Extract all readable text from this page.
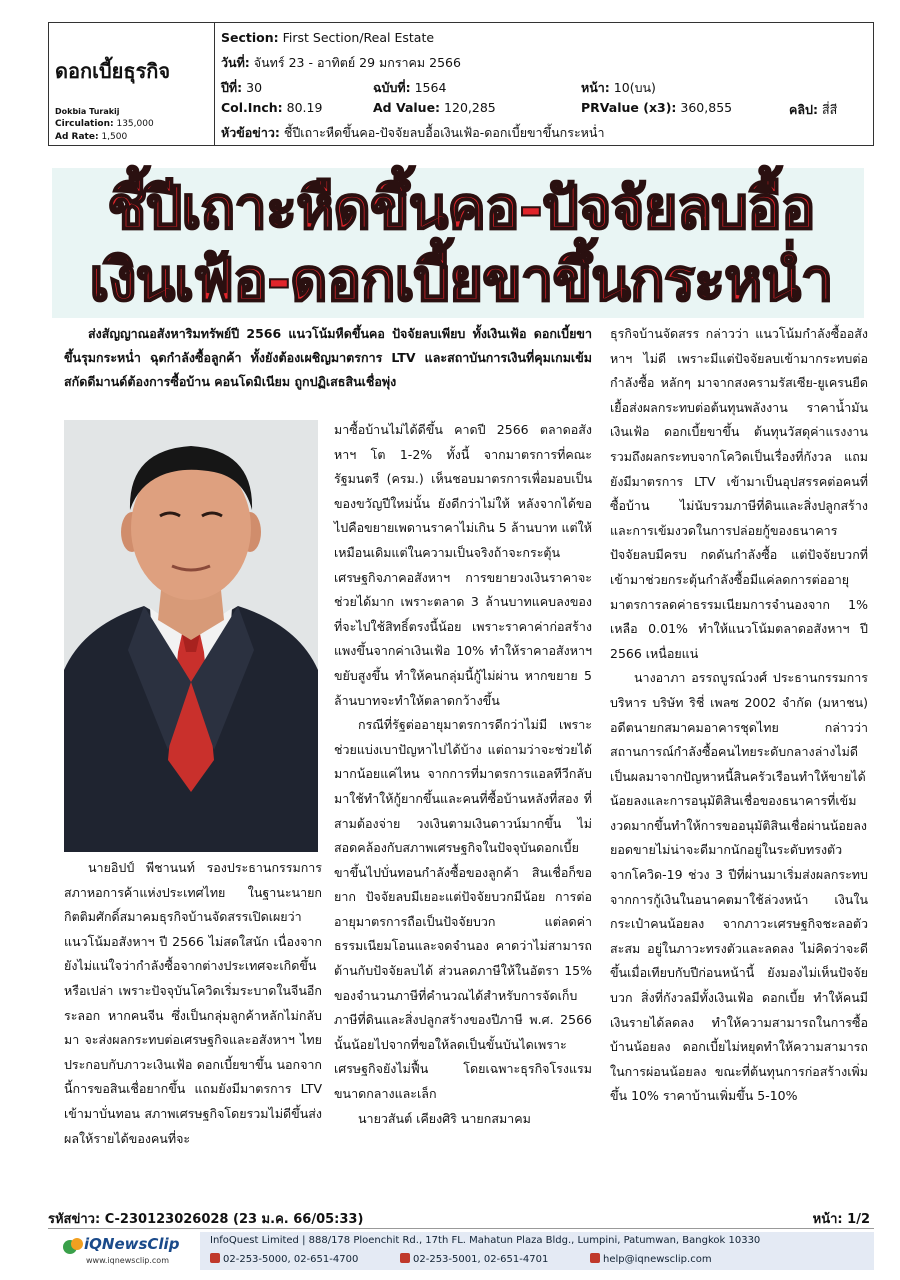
ดอกเบี้ยธุรกิจ
Dokbia Turakij
Circulation: 135,000
Ad Rate: 1,500
Section: First Section/Real Estate
วันที่: จันทร์ 23 - อาทิตย์ 29 มกราคม 2566
ปีที่: 30	ฉบับที่: 1564	หน้า: 10(บน)
Col.Inch: 80.19	Ad Value: 120,285	PRValue (x3): 360,855	คลิป: สี่สี
หัวข้อข่าว: ชี้ปีเถาะหืดขึ้นคอ-ปัจจัยลบอื้อเงินเฟ้อ-ดอกเบี้ยขาขึ้นกระหน่ำ
ชี้ปีเถาะหืดขึ้นคอ-ปัจจัยลบอื้อ
เงินเฟ้อ-ดอกเบี้ยขาขึ้นกระหน่ำ

ส่งสัญญาณอสังหาริมทรัพย์ปี 2566 แนวโน้มหืดขึ้นคอ ปัจจัยลบเพียบ ทั้งเงินเฟ้อ ดอกเบี้ยขาขึ้นรุมกระหน่ำ ฉุดกำลังซื้อลูกค้า ทั้งยังต้องเผชิญมาตรการ LTV และสถาบันการเงินที่คุมเกมเข้มสกัดดีมานด์ต้องการซื้อบ้าน คอนโดมิเนียม ถูกปฏิเสธสินเชื่อพุ่ง

นายอิปป์ พีชานนท์ รองประธานกรรมการสภาหอการค้าแห่งประเทศไทย ในฐานะนายกกิตติมศักดิ์สมาคมธุรกิจบ้านจัดสรรเปิดเผยว่า แนวโน้มอสังหาฯ ปี 2566 ไม่สดใสนัก เนื่องจากยังไม่แน่ใจว่ากำลังซื้อจากต่างประเทศจะเกิดขึ้นหรือเปล่า เพราะปัจจุบันโควิดเริ่มระบาดในจีนอีกระลอก หากคนจีน ซึ่งเป็นกลุ่มลูกค้าหลักไม่กลับมา จะส่งผลกระทบต่อเศรษฐกิจและอสังหาฯ ไทย ประกอบกับภาวะเงินเฟ้อ ดอกเบี้ยขาขึ้น นอกจากนี้การขอสินเชื่อยากขึ้น แถมยังมีมาตรการ LTV เข้ามาบั่นทอน สภาพเศรษฐกิจโดยรวมไม่ดีขึ้นส่งผลให้รายได้ของคนที่จะ

มาซื้อบ้านไม่ได้ดีขึ้น คาดปี 2566 ตลาดอสังหาฯ โต 1-2% ทั้งนี้ จากมาตรการที่คณะรัฐมนตรี (ครม.) เห็นชอบมาตรการเพื่อมอบเป็นของขวัญปีใหม่นั้น ยังดีกว่าไม่ให้ หลังจากได้ขอไปคือขยายเพดานราคาไม่เกิน 5 ล้านบาท แต่ให้เหมือนเดิมแต่ในความเป็นจริงถ้าจะกระตุ้นเศรษฐกิจภาคอสังหาฯ การขยายวงเงินราคาจะช่วยได้มาก เพราะตลาด 3 ล้านบาทแคบลงของที่จะไปใช้สิทธิ์ตรงนี้น้อย เพราะราคาค่าก่อสร้างแพงขึ้นจากค่าเงินเฟ้อ 10% ทำให้ราคาอสังหาฯ ขยับสูงขึ้น ทำให้คนกลุ่มนี้กู้ไม่ผ่าน หากขยาย 5 ล้านบาทจะทำให้ตลาดกว้างขึ้น

กรณีที่รัฐต่ออายุมาตรการดีกว่าไม่มี เพราะช่วยแบ่งเบาปัญหาไปได้บ้าง แต่ถามว่าจะช่วยได้มากน้อยแค่ไหน จากการที่มาตรการแอลทีวีกลับมาใช้ทำให้กู้ยากขึ้นและคนที่ซื้อบ้านหลังที่สอง ที่สามต้องจ่าย วงเงินตามเงินดาวน์มากขึ้น ไม่สอดคล้องกับสภาพเศรษฐกิจในปัจจุบันดอกเบี้ยขาขึ้นไปบั่นทอนกำลังซื้อของลูกค้า สินเชื่อก็ขอยาก ปัจจัยลบมีเยอะแต่ปัจจัยบวกมีน้อย การต่ออายุมาตรการถือเป็นปัจจัยบวก แต่ลดค่าธรรมเนียมโอนและจดจำนอง คาดว่าไม่สามารถต้านกับปัจจัยลบได้ ส่วนลดภาษีให้ในอัตรา 15% ของจำนวนภาษีที่คำนวณได้สำหรับการจัดเก็บภาษีที่ดินและสิ่งปลูกสร้างของปีภาษี พ.ศ. 2566 นั้นน้อยไปจากที่ขอให้ลดเป็นขั้นบันไดเพราะเศรษฐกิจยังไม่ฟื้น โดยเฉพาะธุรกิจโรงแรมขนาดกลางและเล็ก

นายวสันต์ เคียงศิริ นายกสมาคม

ธุรกิจบ้านจัดสรร กล่าวว่า แนวโน้มกำลังซื้ออสังหาฯ ไม่ดี เพราะมีแต่ปัจจัยลบเข้ามากระทบต่อกำลังซื้อ หลักๆ มาจากสงครามรัสเซีย-ยูเครนยืดเยื้อส่งผลกระทบต่อต้นทุนพลังงาน ราคาน้ำมันเงินเฟ้อ ดอกเบี้ยขาขึ้น ต้นทุนวัสดุค่าแรงงาน รวมถึงผลกระทบจากโควิดเป็นเรื่องที่กังวล แถมยังมีมาตรการ LTV เข้ามาเป็นอุปสรรคต่อคนที่ซื้อบ้าน ไม่นับรวมภาษีที่ดินและสิ่งปลูกสร้าง และการเข้มงวดในการปล่อยกู้ของธนาคาร ปัจจัยลบมีครบ กดดันกำลังซื้อ แต่ปัจจัยบวกที่เข้ามาช่วยกระตุ้นกำลังซื้อมีแค่ลดการต่ออายุมาตรการลดค่าธรรมเนียมการจำนองจาก 1% เหลือ 0.01% ทำให้แนวโน้มตลาดอสังหาฯ ปี 2566 เหนื่อยแน่

นางอาภา อรรถบูรณ์วงศ์ ประธานกรรมการบริหาร บริษัท ริชี่ เพลซ 2002 จำกัด (มหาชน) อดีตนายกสมาคมอาคารชุดไทย กล่าวว่า สถานการณ์กำลังซื้อคนไทยระดับกลางล่างไม่ดี เป็นผลมาจากปัญหาหนี้สินครัวเรือนทำให้ขายได้น้อยลงและการอนุมัติสินเชื่อของธนาคารที่เข้มงวดมากขึ้นทำให้การขออนุมัติสินเชื่อผ่านน้อยลง ยอดขายไม่น่าจะดีมากนักอยู่ในระดับทรงตัว จากโควิด-19 ช่วง 3 ปีที่ผ่านมาเริ่มส่งผลกระทบจากการกู้เงินในอนาคตมาใช้ล่วงหน้า เงินในกระเป๋าคนน้อยลง จากภาวะเศรษฐกิจชะลอตัวสะสม อยู่ในภาวะทรงตัวและลดลง ไม่คิดว่าจะดีขึ้นเมื่อเทียบกับปีก่อนหน้านี้ ยังมองไม่เห็นปัจจัยบวก สิ่งที่กังวลมีทั้งเงินเฟ้อ ดอกเบี้ย ทำให้คนมีเงินรายได้ลดลง ทำให้ความสามารถในการซื้อบ้านน้อยลง ดอกเบี้ยไม่หยุดทำให้ความสามารถในการผ่อนน้อยลง ขณะที่ต้นทุนการก่อสร้างเพิ่มขึ้น 10% ราคาบ้านเพิ่มขึ้น 5-10%

รหัสข่าว: C-230123026028 (23 ม.ค. 66/05:33)	หน้า: 1/2
iQNewsClip
www.iqnewsclip.com
InfoQuest Limited | 888/178 Ploenchit Rd., 17th FL. Mahatun Plaza Bldg., Lumpini, Patumwan, Bangkok 10330
02-253-5000, 02-651-4700	02-253-5001, 02-651-4701	help@iqnewsclip.com
